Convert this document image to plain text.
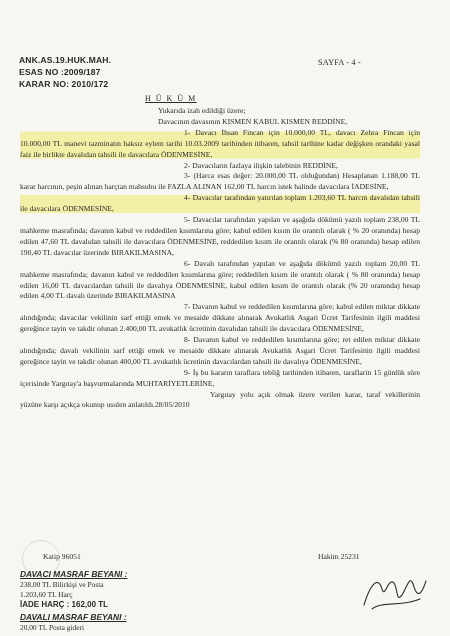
ANK.AS.19.HUK.MAH.
ESAS NO :2009/187
KARAR NO: 2010/172
SAYFA - 4 -
H Ü K Ü M

Yukarıda izah edildiği üzere;

Davacının davasının KISMEN KABUL KISMEN REDDİNE,

1- Davacı İhsan Fincan için 10.000,00 TL, davacı Zehra Fincan için 10.000,00 TL manevi tazminatın haksız eylem tarihi 10.03.2009 tarihinden itibaren, tahsil tarihine kadar değişken orandaki yasal faiz ile birlikte davalıdan tahsili ile davacılara ÖDENMESİNE,

2- Davacıların fazlaya ilişkin talebinin REDDİNE,

3- (Harca esas değer: 20.000,00 TL olduğundan) Hesaplanan 1.188,00 TL karar harcının, peşin alınan harçtan mahsubu ile FAZLA ALINAN 162,00 TL harcın istek halinde davacılara İADESİNE,

4- Davacılar tarafından yatırılan toplam 1.203,60 TL harcın davalıdan tahsili ile davacılara ÖDENMESİNE,

5- Davacılar tarafından yapılan ve aşağıda dökümü yazılı toplam 238,00 TL mahkeme masrafında; davanın kabul ve reddedilen kısımlarına göre; kabul edilen kısım ile orantılı olarak ( % 20 oranında) hesap edilen 47,60 TL davalıdan tahsili ile davacılara ÖDENMESİNE, reddedilen kısım ile orantılı olarak (% 80 oranında) hesap edilen 190,40 TL davacılar üzerinde BIRAKILMASINA,

6- Davalı tarafından yapılan ve aşağıda dökümü yazılı toplam 20,00 TL mahkeme masrafında; davanın kabul ve reddedilen kısımlarına göre; reddedilen kısım ile orantılı olarak ( % 80 oranında) hesap edilen 16,00 TL davacılardan tahsili ile davalıya ÖDENMESİNE, kabul edilen kısım ile orantılı olarak (% 20 oranında) hesap edilen 4,00 TL davalı üzerinde BIRAKILMASINA

7- Davanın kabul ve reddedilen kısımlarına göre; kabul edilen miktar dikkate alındığında; davacılar vekilinin sarf ettiği emek ve mesaide dikkate alınarak Avukatlık Asgari Ücret Tarifesinin ilgili maddesi gereğince tayin ve takdir olunan 2.400,00 TL avukatlık ücretinin davalıdan tahsili ile davacılara ÖDENMESİNE,

8- Davanın kabul ve reddedilen kısımlarına göre; ret edilen miktar dikkate alındığında; davalı vekilinin sarf ettiği emek ve mesaide dikkate alınarak Avukatlık Asgari Ücret Tarifesinin ilgili maddesi gereğince tayin ve takdir olunan 400,00 TL avukatlık ücretinin davacılardan tahsili ile davalıya ÖDENMESİNE,

9- İş bu kararın taraflara tebliğ tarihinden itibaren, taraflarin 15 günlük süre içerisinde Yargıtay'a başvurmalarında MUHTARİYETLERİNE,

Yargıtay yolu açık olmak üzere verilen karar, taraf vekillerinin yüzüne karşı açıkça okunup usulen anlatıldı.28/05/2010

Katip 96051	Hakim 25231
DAVACI MASRAF BEYANI :
238,00 TL Bilirkişi ve Posta
1.203,60 TL Harç
İADE HARÇ : 162,00 TL
DAVALI MASRAF BEYANI :
20,00 TL Posta gideri
